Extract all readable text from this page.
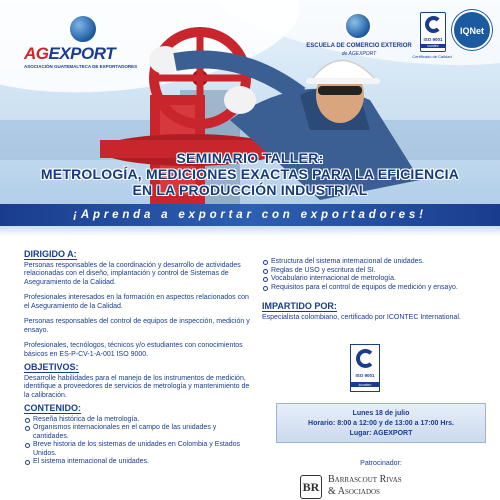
AGEXPORT
ASOCIACIÓN GUATEMALTECA DE EXPORTADORES
ESCUELA DE COMERCIO EXTERIOR
de AGEXPORT
ISO 9001
icontec
Certificado de Calidad
IQNet
SEMINARIO TALLER:
METROLOGÍA, MEDICIONES EXACTAS PARA LA EFICIENCIA
EN LA PRODUCCIÓN INDUSTRIAL
¡Aprenda a exportar con exportadores!
DIRIGIDO A:
Personas responsables de la coordinación y desarrollo de actividades relacionadas con el diseño, implantación y control de Sistemas de Aseguramiento de la Calidad.
Profesionales interesados en la formación en aspectos relacionados con el Aseguramiento de la Calidad.
Personas responsables del control de equipos de inspección, medición y ensayo.
Profesionales, tecnólogos, técnicos y/o estudiantes con conocimientos básicos en ES-P-CV-1-A-001 ISO 9000.
OBJETIVOS:
Desarrolle habilidades para el manejo de los instrumentos de medición, identifique a proveedores de servicios de metrología y mantenimiento de la calibración.
CONTENIDO:
Reseña histórica de la metrología.
Organismos internacionales en el campo de las unidades y cantidades.
Breve historia de los sistemas de unidades en Colombia y Estados Unidos.
El sistema internacional de unidades.
Estructura del sistema internacional de unidades.
Reglas de USO y escritura del SI.
Vocabulario internacional de metrología.
Requisitos para el control de equipos de medición y ensayo.
IMPARTIDO POR:
Especialista colombiano, certificado por ICONTEC International.
ISO 9001
icontec
Lunes 18 de julio
Horario: 8:00 a 12:00 y de 13:00 a 17:00 Hrs.
Lugar: AGEXPORT
Patrocinador:
BR
Barrascout Rivas
& Asociados
